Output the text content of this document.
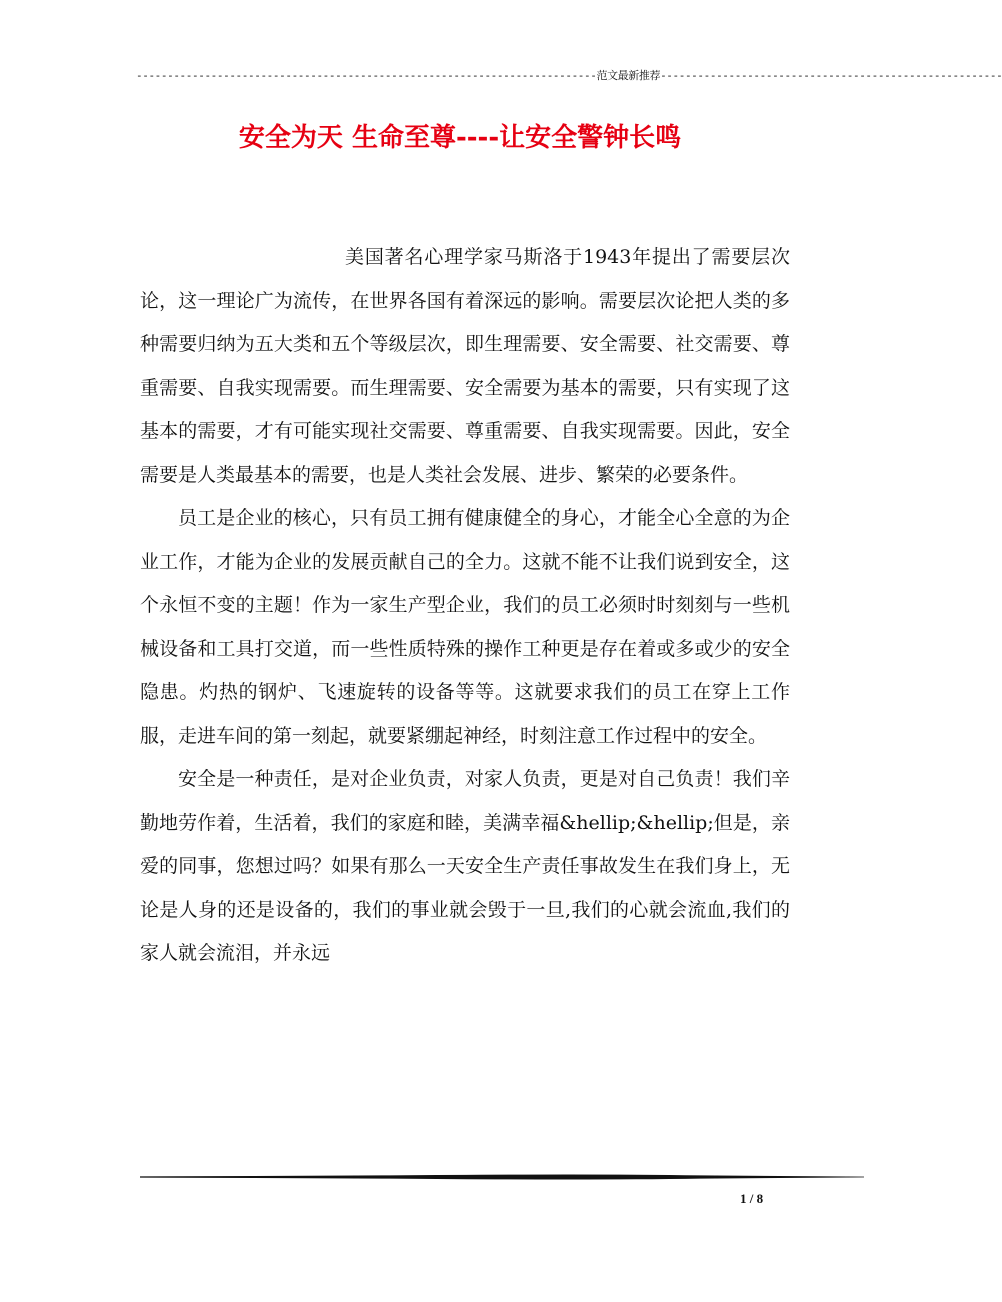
--------------------------------------------------------------------------范文最新推荐-------------------------------------------------------
安全为天 生命至尊----让安全警钟长鸣

美国著名心理学家马斯洛于1943年提出了需要层次论，这一理论广为流传，在世界各国有着深远的影响。需要层次论把人类的多种需要归纳为五大类和五个等级层次，即生理需要、安全需要、社交需要、尊重需要、自我实现需要。而生理需要、安全需要为基本的需要，只有实现了这基本的需要，才有可能实现社交需要、尊重需要、自我实现需要。因此，安全需要是人类最基本的需要，也是人类社会发展、进步、繁荣的必要条件。

员工是企业的核心，只有员工拥有健康健全的身心，才能全心全意的为企业工作，才能为企业的发展贡献自己的全力。这就不能不让我们说到安全，这个永恒不变的主题！作为一家生产型企业，我们的员工必须时时刻刻与一些机械设备和工具打交道，而一些性质特殊的操作工种更是存在着或多或少的安全隐患。灼热的钢炉、飞速旋转的设备等等。这就要求我们的员工在穿上工作服，走进车间的第一刻起，就要紧绷起神经，时刻注意工作过程中的安全。

安全是一种责任，是对企业负责，对家人负责，更是对自己负责！我们辛勤地劳作着，生活着，我们的家庭和睦，美满幸福&hellip;&hellip;但是，亲爱的同事，您想过吗？如果有那么一天安全生产责任事故发生在我们身上，无论是人身的还是设备的，我们的事业就会毁于一旦,我们的心就会流血,我们的家人就会流泪，并永远

1 / 8
